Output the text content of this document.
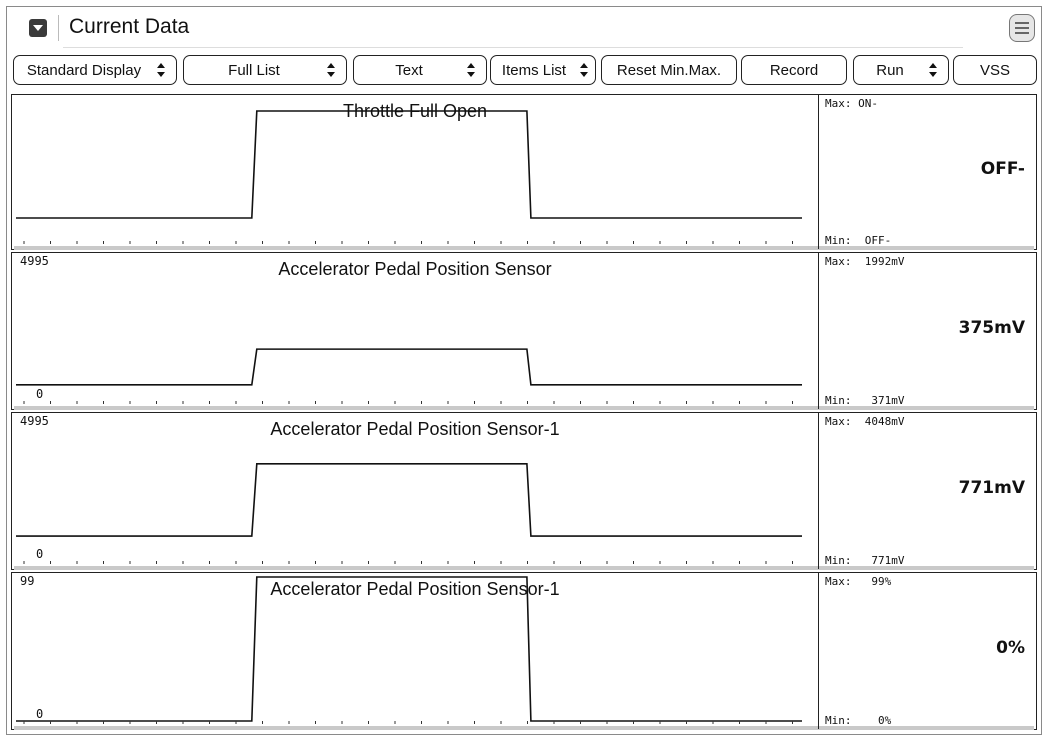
Current Data
Standard Display	Full List	Text	Items List	Reset Min.Max.	Record	Run	VSS
Throttle Full Open	Max: ON-
OFF-
Min:  OFF-
Accelerator Pedal Position Sensor
4995
0
Max:  1992mV
375mV
Min:   371mV
Accelerator Pedal Position Sensor-1
4995
0
Max:  4048mV
771mV
Min:   771mV
Accelerator Pedal Position Sensor-1
99
0
Max:   99%
0%
Min:    0%
